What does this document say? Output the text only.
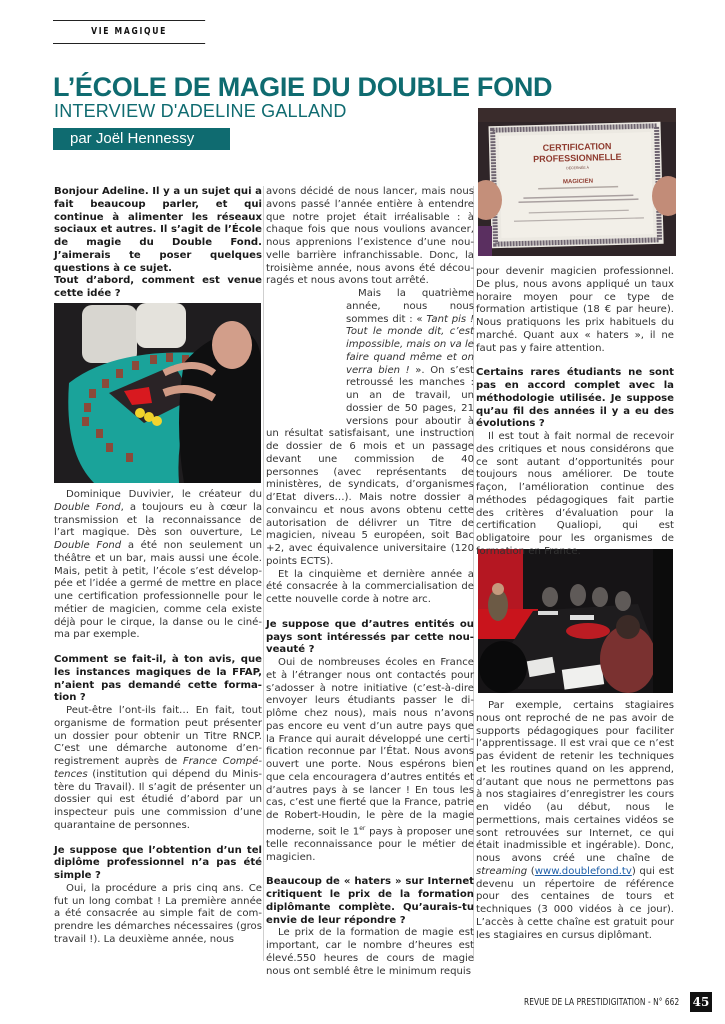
VIE MAGIQUE
L’ÉCOLE DE MAGIE DU DOUBLE FOND
INTERVIEW D'ADELINE GALLAND
par Joël Hennessy	CERTIFICATION
PROFESSIONNELLE
DÉCERNÉE À
MAGICIEN

Bonjour Adeline. Il y a un sujet qui a fait beaucoup parler, et qui continue à alimenter les réseaux sociaux et autres. Il s’agit de l’École de magie du Double Fond. J’aimerais te poser quelques questions à ce sujet.

Tout d’abord, comment est venue cette idée ?

Dominique Duvivier, le créateur du Double Fond, a toujours eu à cœur la transmission et la reconnaissance de l’art magique. Dès son ouverture, Le Double Fond a été non seulement un théâtre et un bar, mais aussi une école. Mais, petit à petit, l’école s’est développée et l’idée a germé de mettre en place une certification professionnelle pour le métier de magicien, comme cela existe déjà pour le cirque, la danse ou le cinéma par exemple.

Comment se fait-il, à ton avis, que les instances magiques de la FFAP, n’aient pas demandé cette formation ?

Peut-être l’ont-ils fait… En fait, tout organisme de formation peut présenter un dossier pour obtenir un Titre RNCP. C’est une démarche autonome d’enregistrement auprès de France Compétences (institution qui dépend du Ministère du Travail). Il s’agit de présenter un dossier qui est étudié d’abord par un inspecteur puis une commission d’une quarantaine de personnes.

Je suppose que l’obtention d’un tel diplôme professionnel n’a pas été simple ?

Oui, la procédure a pris cinq ans. Ce fut un long combat ! La première année a été consacrée au simple fait de comprendre les démarches nécessaires (gros travail !). La deuxième année, nous

avons décidé de nous lancer, mais nous avons passé l’année entière à entendre que notre projet était irréalisable : à chaque fois que nous voulions avancer, nous apprenions l’existence d’une nouvelle barrière infranchissable. Donc, la troisième année, nous avons été découragés et nous avons tout arrêté.

Mais la quatrième année, nous nous sommes dit : « Tant pis ! Tout le monde dit, c’est impossible, mais on va le faire quand même et on verra bien ! ». On s’est retroussé les manches : un an de travail, un dossier de 50 pages, 21 versions pour aboutir à un résultat satisfaisant, une instruction de dossier de 6 mois et un passage devant une commission de 40 personnes (avec représentants de ministères, de syndicats, d’organismes d’Etat divers…). Mais notre dossier a convaincu et nous avons obtenu cette autorisation de délivrer un Titre de magicien, niveau 5 européen, soit Bac +2, avec équivalence universitaire (120 points ECTS).

Et la cinquième et dernière année a été consacrée à la commercialisation de cette nouvelle corde à notre arc.

Je suppose que d’autres entités ou pays sont intéressés par cette nouveauté ?

Oui de nombreuses écoles en France et à l’étranger nous ont contactés pour s’adosser à notre initiative (c’est-à-dire envoyer leurs étudiants passer le diplôme chez nous), mais nous n’avons pas encore eu vent d’un autre pays que la France qui aurait développé une certification reconnue par l’État. Nous avons ouvert une porte. Nous espérons bien que cela encouragera d’autres entités et d’autres pays à se lancer ! En tous les cas, c’est une fierté que la France, patrie de Robert-Houdin, le père de la magie moderne, soit le 1er pays à proposer une telle reconnaissance pour le métier de magicien.

Beaucoup de « haters » sur Internet critiquent le prix de la formation diplômante complète. Qu’aurais-tu envie de leur répondre ?

Le prix de la formation de magie est important, car le nombre d’heures est élevé.550 heures de cours de magie nous ont semblé être le minimum requis

pour devenir magicien professionnel. De plus, nous avons appliqué un taux horaire moyen pour ce type de formation artistique (18 € par heure). Nous pratiquons les prix habituels du marché. Quant aux « haters », il ne faut pas y faire attention.

Certains rares étudiants ne sont pas en accord complet avec la méthodologie utilisée. Je suppose qu’au fil des années il y a eu des évolutions ?

Il est tout à fait normal de recevoir des critiques et nous considérons que ce sont autant d’opportunités pour toujours nous améliorer. De toute façon, l’amélioration continue des méthodes pédagogiques fait partie des critères d’évaluation pour la certification Qualiopi, qui est obligatoire pour les organismes de formation en France.

Par exemple, certains stagiaires nous ont reproché de ne pas avoir de supports pédagogiques pour faciliter l’apprentissage. Il est vrai que ce n’est pas évident de retenir les techniques et les routines quand on les apprend, d’autant que nous ne permettons pas à nos stagiaires d’enregistrer les cours en vidéo (au début, nous le permettions, mais certaines vidéos se sont retrouvées sur Internet, ce qui était inadmissible et ingérable). Donc, nous avons créé une chaîne de streaming (www.doublefond.tv) qui est devenu un répertoire de référence pour des centaines de tours et techniques (3 000 vidéos à ce jour). L’accès à cette chaîne est gratuit pour les stagiaires en cursus diplômant.

REVUE DE LA PRESTIDIGITATION - N° 662 45
